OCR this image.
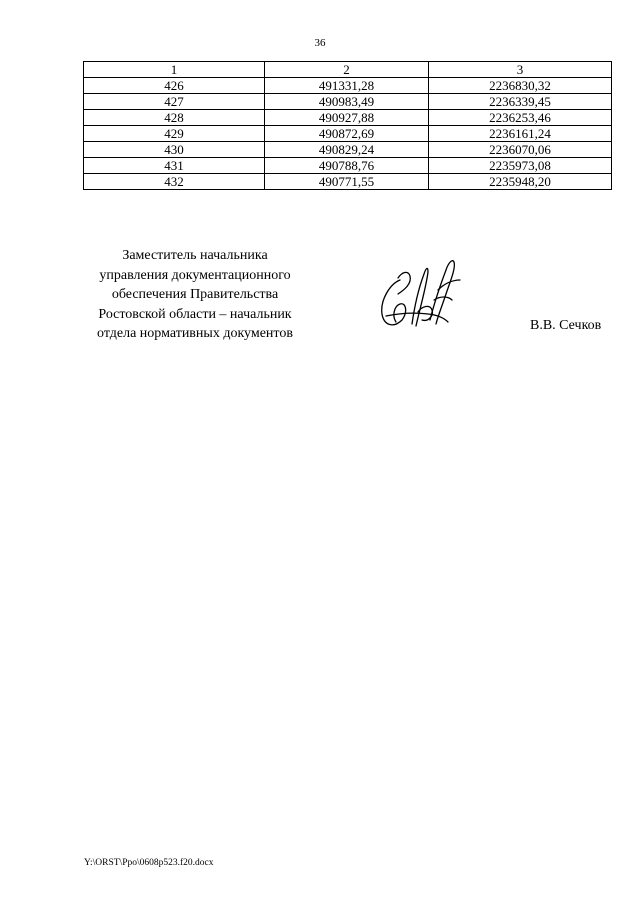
36
1	2	3
426	491331,28	2236830,32
427	490983,49	2236339,45
428	490927,88	2236253,46
429	490872,69	2236161,24
430	490829,24	2236070,06
431	490788,76	2235973,08
432	490771,55	2235948,20
Заместитель начальника
управления документационного
обеспечения Правительства
Ростовской области – начальник
отдела нормативных документов
В.В. Сечков
Y:\ORST\Ppo\0608p523.f20.docx
